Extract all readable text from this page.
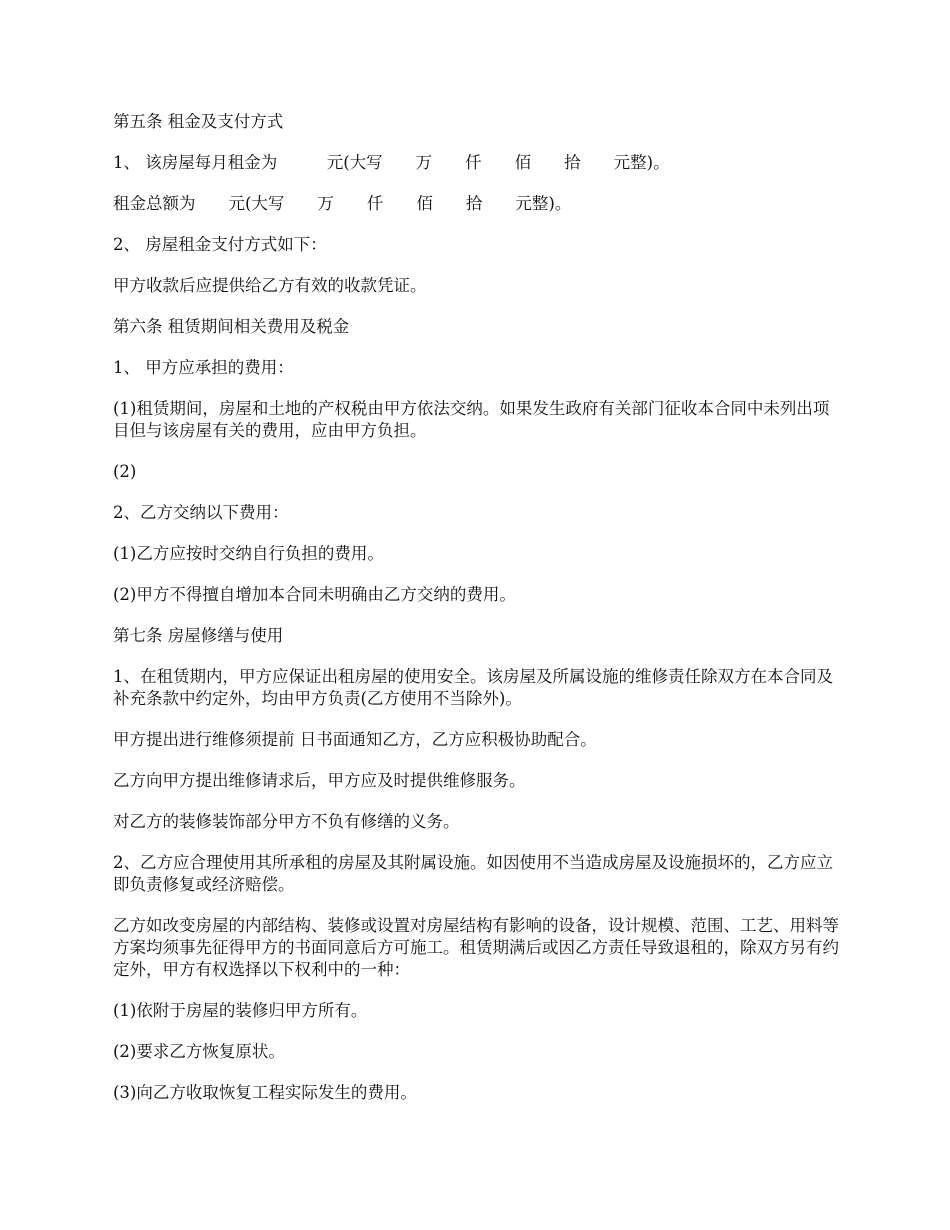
第五条 租金及支付方式

1、 该房屋每月租金为　　　元(大写　　万　　仟　　佰　　拾　　元整)。

租金总额为　　元(大写　　万　　仟　　佰　　拾　　元整)。

2、 房屋租金支付方式如下：

甲方收款后应提供给乙方有效的收款凭证。

第六条 租赁期间相关费用及税金

1、 甲方应承担的费用：

(1)租赁期间，房屋和土地的产权税由甲方依法交纳。如果发生政府有关部门征收本合同中未列出项目但与该房屋有关的费用，应由甲方负担。

(2)

2、乙方交纳以下费用：

(1)乙方应按时交纳自行负担的费用。

(2)甲方不得擅自增加本合同未明确由乙方交纳的费用。

第七条 房屋修缮与使用

1、在租赁期内，甲方应保证出租房屋的使用安全。该房屋及所属设施的维修责任除双方在本合同及补充条款中约定外，均由甲方负责(乙方使用不当除外)。

甲方提出进行维修须提前 日书面通知乙方，乙方应积极协助配合。

乙方向甲方提出维修请求后，甲方应及时提供维修服务。

对乙方的装修装饰部分甲方不负有修缮的义务。

2、乙方应合理使用其所承租的房屋及其附属设施。如因使用不当造成房屋及设施损坏的，乙方应立即负责修复或经济赔偿。

乙方如改变房屋的内部结构、装修或设置对房屋结构有影响的设备，设计规模、范围、工艺、用料等方案均须事先征得甲方的书面同意后方可施工。租赁期满后或因乙方责任导致退租的，除双方另有约定外，甲方有权选择以下权利中的一种：

(1)依附于房屋的装修归甲方所有。

(2)要求乙方恢复原状。

(3)向乙方收取恢复工程实际发生的费用。
